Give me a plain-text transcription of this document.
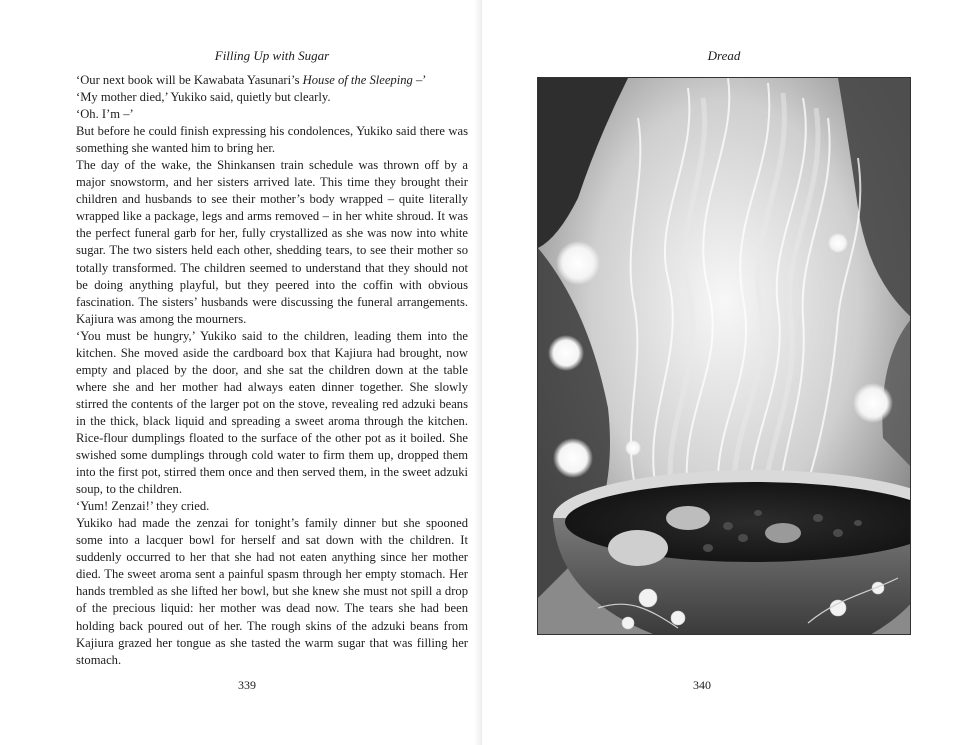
Filling Up with Sugar

‘Our next book will be Kawabata Yasunari’s House of the Sleeping –’

‘My mother died,’ Yukiko said, quietly but clearly.

‘Oh. I’m –’

But before he could finish expressing his condolences, Yukiko said there was something she wanted him to bring her.

The day of the wake, the Shinkansen train schedule was thrown off by a major snowstorm, and her sisters arrived late. This time they brought their children and husbands to see their mother’s body wrapped – quite literally wrapped like a package, legs and arms removed – in her white shroud. It was the perfect funeral garb for her, fully crystallized as she was now into white sugar. The two sisters held each other, shedding tears, to see their mother so totally transformed. The children seemed to understand that they should not be doing anything playful, but they peered into the coffin with obvious fascination. The sisters’ husbands were discussing the funeral arrangements. Kajiura was among the mourners.

‘You must be hungry,’ Yukiko said to the children, leading them into the kitchen. She moved aside the cardboard box that Kajiura had brought, now empty and placed by the door, and she sat the children down at the table where she and her mother had always eaten dinner together. She slowly stirred the contents of the larger pot on the stove, revealing red adzuki beans in the thick, black liquid and spreading a sweet aroma through the kitchen. Rice-flour dumplings floated to the surface of the other pot as it boiled. She swished some dumplings through cold water to firm them up, dropped them into the first pot, stirred them once and then served them, in the sweet adzuki soup, to the children.

‘Yum! Zenzai!’ they cried.

Yukiko had made the zenzai for tonight’s family dinner but she spooned some into a lacquer bowl for herself and sat down with the children. It suddenly occurred to her that she had not eaten anything since her mother died. The sweet aroma sent a painful spasm through her empty stomach. Her hands trembled as she lifted her bowl, but she knew she must not spill a drop of the precious liquid: her mother was dead now. The tears she had been holding back poured out of her. The rough skins of the adzuki beans from Kajiura grazed her tongue as she tasted the warm sugar that was filling her stomach.

339
Dread
340
